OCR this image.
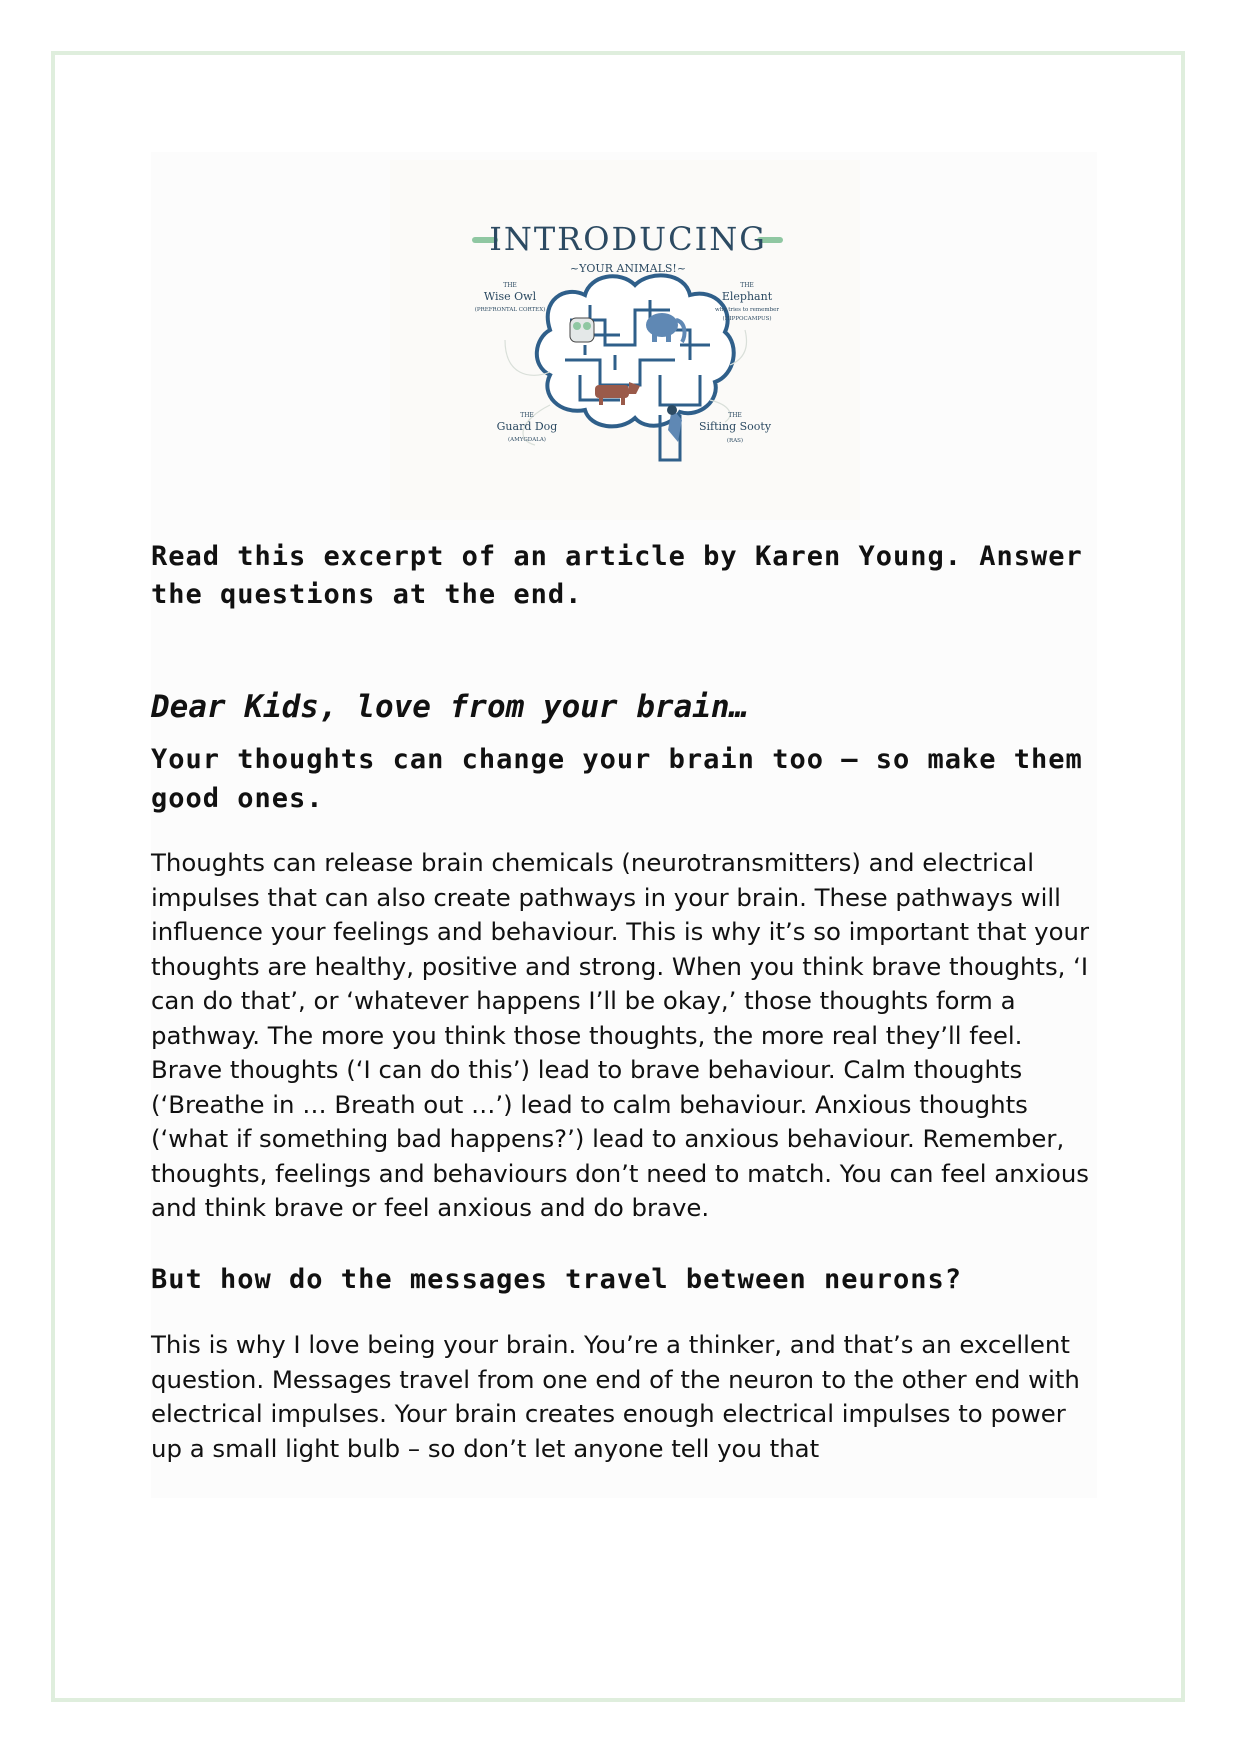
INTRODUCING
~YOUR ANIMALS!~
THE
Wise Owl
(PREFRONTAL CORTEX)
THE
Elephant
who tries to remember
(HIPPOCAMPUS)
THE
Guard Dog
(AMYGDALA)
THE
Sifting Sooty
(RAS)

Read this excerpt of an article by Karen Young. Answer the questions at the end.

Dear Kids, love from your brain…
Your thoughts can change your brain too – so make them good ones.

Thoughts can release brain chemicals (neurotransmitters) and electrical impulses that can also create pathways in your brain. These pathways will influence your feelings and behaviour. This is why it’s so important that your thoughts are healthy, positive and strong. When you think brave thoughts, ‘I can do that’, or ‘whatever happens I’ll be okay,’ those thoughts form a pathway. The more you think those thoughts, the more real they’ll feel. Brave thoughts (‘I can do this’) lead to brave behaviour. Calm thoughts (‘Breathe in … Breath out …’) lead to calm behaviour. Anxious thoughts (‘what if something bad happens?’) lead to anxious behaviour. Remember, thoughts, feelings and behaviours don’t need to match. You can feel anxious and think brave or feel anxious and do brave.

But how do the messages travel between neurons?

This is why I love being your brain. You’re a thinker, and that’s an excellent question. Messages travel from one end of the neuron to the other end with electrical impulses. Your brain creates enough electrical impulses to power up a small light bulb – so don’t let anyone tell you that
